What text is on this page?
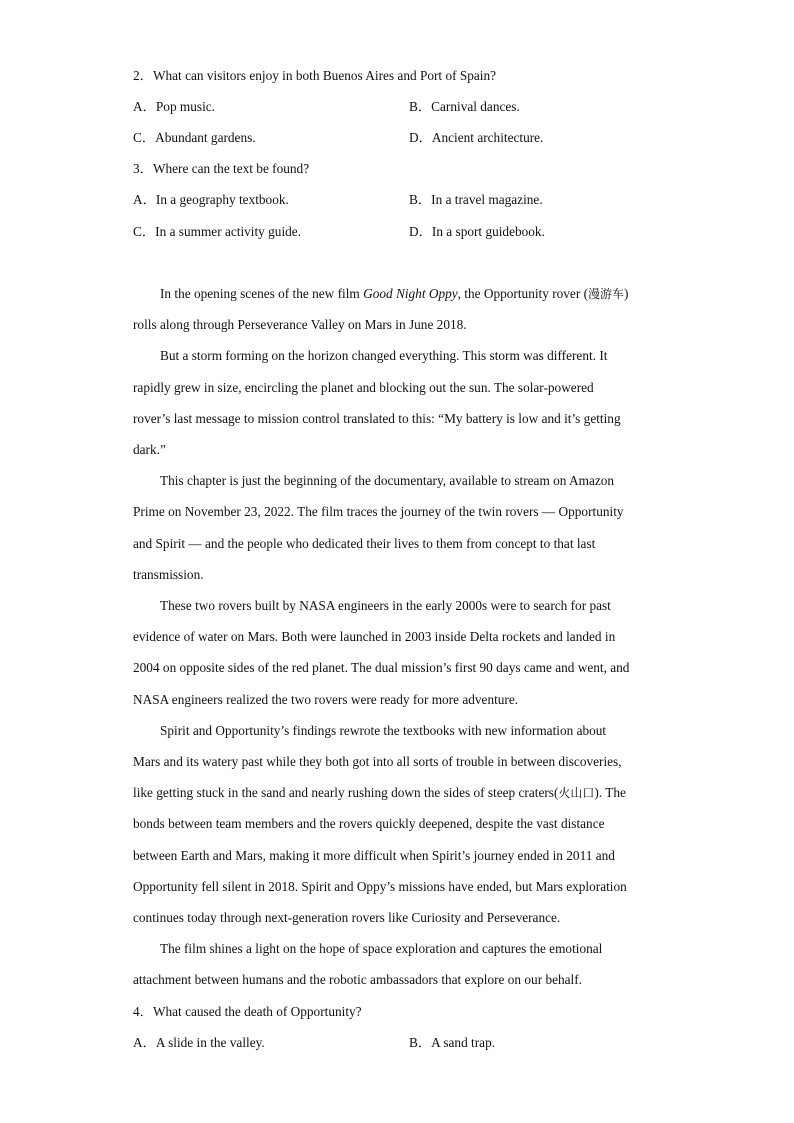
2．What can visitors enjoy in both Buenos Aires and Port of Spain?
A．Pop music.	B．Carnival dances.
C．Abundant gardens.	D．Ancient architecture.
3．Where can the text be found?
A．In a geography textbook.	B．In a travel magazine.
C．In a summer activity guide.	D．In a sport guidebook.
In the opening scenes of the new film Good Night Oppy, the Opportunity rover (漫游车)
rolls along through Perseverance Valley on Mars in June 2018.
But a storm forming on the horizon changed everything. This storm was different. It
rapidly grew in size, encircling the planet and blocking out the sun. The solar-powered
rover’s last message to mission control translated to this: “My battery is low and it’s getting
dark.”
This chapter is just the beginning of the documentary, available to stream on Amazon
Prime on November 23, 2022. The film traces the journey of the twin rovers — Opportunity
and Spirit — and the people who dedicated their lives to them from concept to that last
transmission.
These two rovers built by NASA engineers in the early 2000s were to search for past
evidence of water on Mars. Both were launched in 2003 inside Delta rockets and landed in
2004 on opposite sides of the red planet. The dual mission’s first 90 days came and went, and
NASA engineers realized the two rovers were ready for more adventure.
Spirit and Opportunity’s findings rewrote the textbooks with new information about
Mars and its watery past while they both got into all sorts of trouble in between discoveries,
like getting stuck in the sand and nearly rushing down the sides of steep craters(火山口). The
bonds between team members and the rovers quickly deepened, despite the vast distance
between Earth and Mars, making it more difficult when Spirit’s journey ended in 2011 and
Opportunity fell silent in 2018. Spirit and Oppy’s missions have ended, but Mars exploration
continues today through next-generation rovers like Curiosity and Perseverance.
The film shines a light on the hope of space exploration and captures the emotional
attachment between humans and the robotic ambassadors that explore on our behalf.
4．What caused the death of Opportunity?
A．A slide in the valley.	B．A sand trap.
